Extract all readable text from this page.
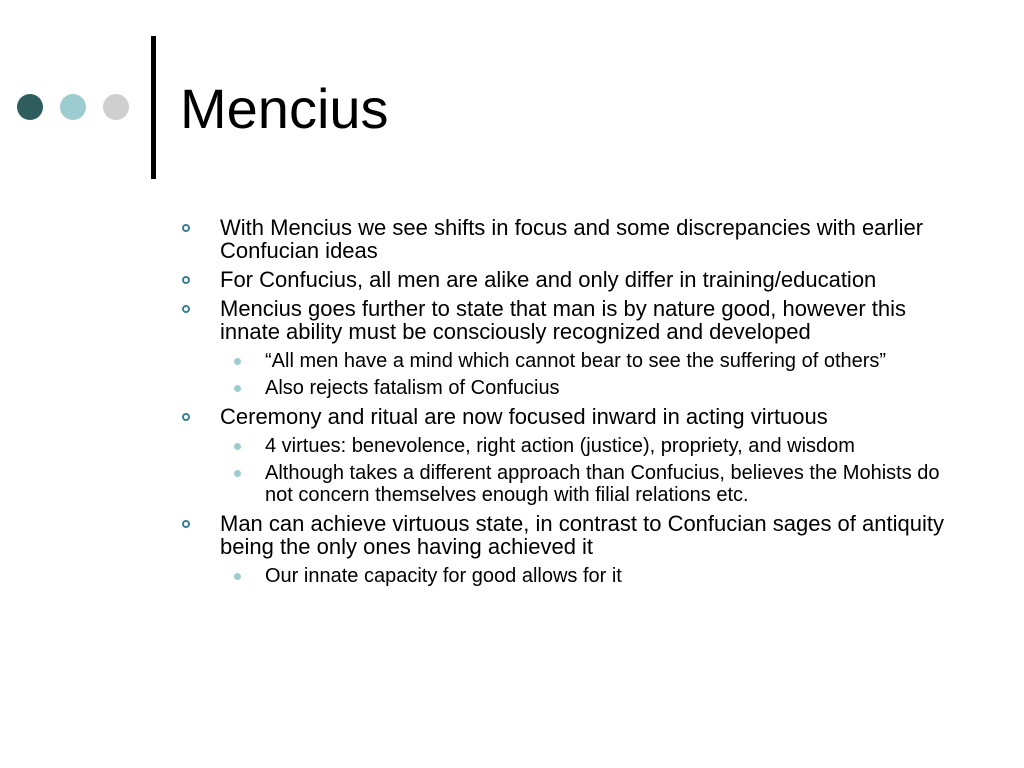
Mencius
With Mencius we see shifts in focus and some discrepancies with earlier Confucian ideas
For Confucius, all men are alike and only differ in training/education
Mencius goes further to state that man is by nature good, however this innate ability must be consciously recognized and developed
“All men have a mind which cannot bear to see the suffering of others”
Also rejects fatalism of Confucius
Ceremony and ritual are now focused inward in acting virtuous
4 virtues: benevolence, right action (justice), propriety, and wisdom
Although takes a different approach than Confucius, believes the Mohists do not concern themselves enough with filial relations etc.
Man can achieve virtuous state, in contrast to Confucian sages of antiquity being the only ones having achieved it
Our innate capacity for good allows for it
